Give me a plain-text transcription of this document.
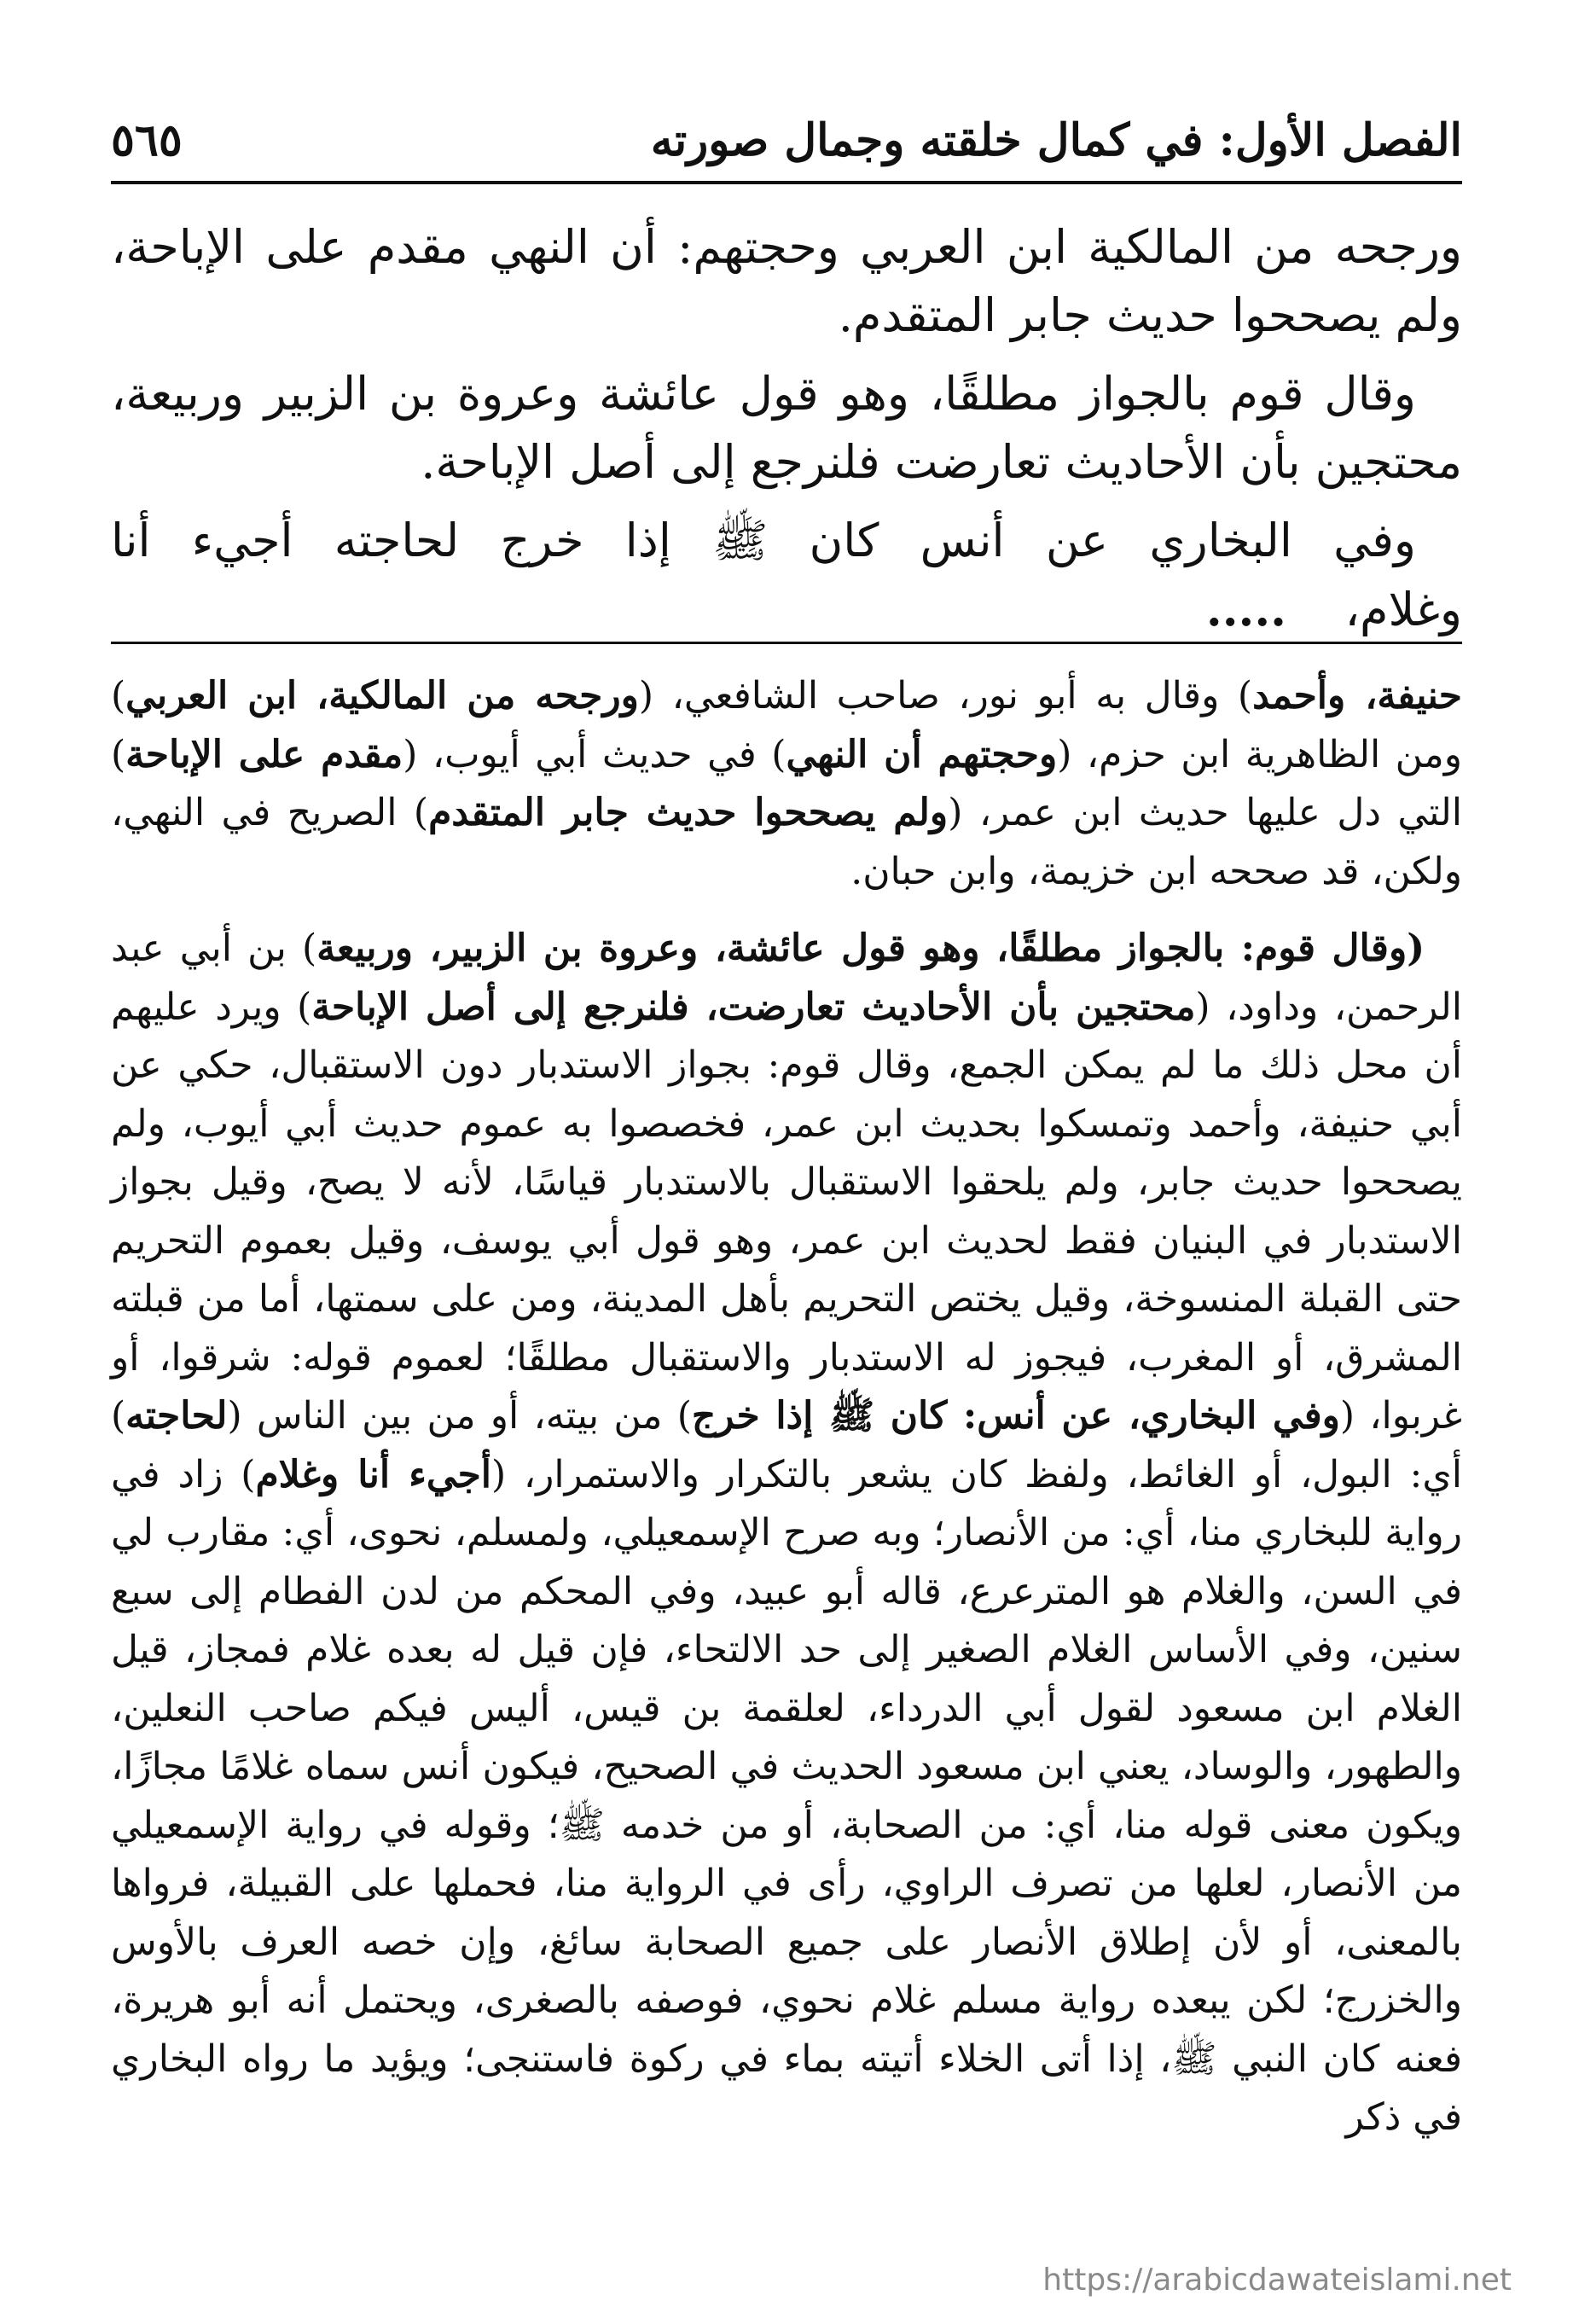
الفصل الأول: في كمال خلقته وجمال صورته
٥٦٥

ورجحه من المالكية ابن العربي وحجتهم: أن النهي مقدم على الإباحة، ولم يصححوا حديث جابر المتقدم.

وقال قوم بالجواز مطلقًا، وهو قول عائشة وعروة بن الزبير وربيعة، محتجين بأن الأحاديث تعارضت فلنرجع إلى أصل الإباحة.

وفي البخاري عن أنس كان ﷺ إذا خرج لحاجته أجيء أنا وغلام،    .....

حنيفة، وأحمد) وقال به أبو نور، صاحب الشافعي، (ورجحه من المالكية، ابن العربي) ومن الظاهرية ابن حزم، (وحجتهم أن النهي) في حديث أبي أيوب، (مقدم على الإباحة) التي دل عليها حديث ابن عمر، (ولم يصححوا حديث جابر المتقدم) الصريح في النهي، ولكن، قد صححه ابن خزيمة، وابن حبان.

(وقال قوم: بالجواز مطلقًا، وهو قول عائشة، وعروة بن الزبير، وربيعة) بن أبي عبد الرحمن، وداود، (محتجين بأن الأحاديث تعارضت، فلنرجع إلى أصل الإباحة) ويرد عليهم أن محل ذلك ما لم يمكن الجمع، وقال قوم: بجواز الاستدبار دون الاستقبال، حكي عن أبي حنيفة، وأحمد وتمسكوا بحديث ابن عمر، فخصصوا به عموم حديث أبي أيوب، ولم يصححوا حديث جابر، ولم يلحقوا الاستقبال بالاستدبار قياسًا، لأنه لا يصح، وقيل بجواز الاستدبار في البنيان فقط لحديث ابن عمر، وهو قول أبي يوسف، وقيل بعموم التحريم حتى القبلة المنسوخة، وقيل يختص التحريم بأهل المدينة، ومن على سمتها، أما من قبلته المشرق، أو المغرب، فيجوز له الاستدبار والاستقبال مطلقًا؛ لعموم قوله: شرقوا، أو غربوا، (وفي البخاري، عن أنس: كان ﷺ إذا خرج) من بيته، أو من بين الناس (لحاجته) أي: البول، أو الغائط، ولفظ كان يشعر بالتكرار والاستمرار، (أجيء أنا وغلام) زاد في رواية للبخاري منا، أي: من الأنصار؛ وبه صرح الإسمعيلي، ولمسلم، نحوى، أي: مقارب لي في السن، والغلام هو المترعرع، قاله أبو عبيد، وفي المحكم من لدن الفطام إلى سبع سنين، وفي الأساس الغلام الصغير إلى حد الالتحاء، فإن قيل له بعده غلام فمجاز، قيل الغلام ابن مسعود لقول أبي الدرداء، لعلقمة بن قيس، أليس فيكم صاحب النعلين، والطهور، والوساد، يعني ابن مسعود الحديث في الصحيح، فيكون أنس سماه غلامًا مجازًا، ويكون معنى قوله منا، أي: من الصحابة، أو من خدمه ﷺ؛ وقوله في رواية الإسمعيلي من الأنصار، لعلها من تصرف الراوي، رأى في الرواية منا، فحملها على القبيلة، فرواها بالمعنى، أو لأن إطلاق الأنصار على جميع الصحابة سائغ، وإن خصه العرف بالأوس والخزرج؛ لكن يبعده رواية مسلم غلام نحوي، فوصفه بالصغرى، ويحتمل أنه أبو هريرة، فعنه كان النبي ﷺ، إذا أتى الخلاء أتيته بماء في ركوة فاستنجى؛ ويؤيد ما رواه البخاري في ذكر

https://arabicdawateislami.net
